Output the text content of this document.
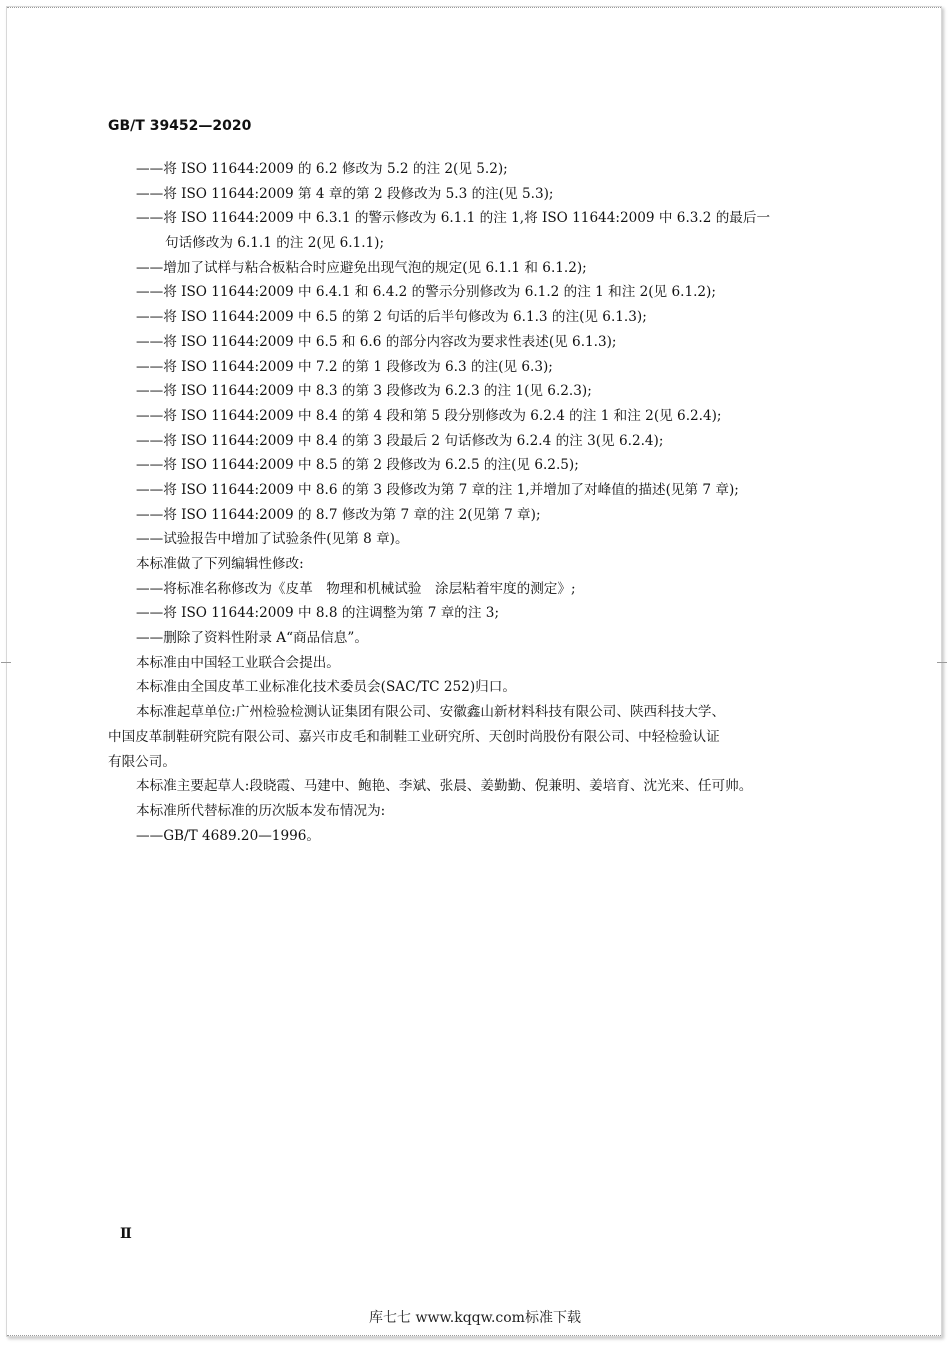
GB/T 39452—2020
——将 ISO 11644:2009 的 6.2 修改为 5.2 的注 2(见 5.2);
——将 ISO 11644:2009 第 4 章的第 2 段修改为 5.3 的注(见 5.3);
——将 ISO 11644:2009 中 6.3.1 的警示修改为 6.1.1 的注 1,将 ISO 11644:2009 中 6.3.2 的最后一
句话修改为 6.1.1 的注 2(见 6.1.1);
——增加了试样与粘合板粘合时应避免出现气泡的规定(见 6.1.1 和 6.1.2);
——将 ISO 11644:2009 中 6.4.1 和 6.4.2 的警示分别修改为 6.1.2 的注 1 和注 2(见 6.1.2);
——将 ISO 11644:2009 中 6.5 的第 2 句话的后半句修改为 6.1.3 的注(见 6.1.3);
——将 ISO 11644:2009 中 6.5 和 6.6 的部分内容改为要求性表述(见 6.1.3);
——将 ISO 11644:2009 中 7.2 的第 1 段修改为 6.3 的注(见 6.3);
——将 ISO 11644:2009 中 8.3 的第 3 段修改为 6.2.3 的注 1(见 6.2.3);
——将 ISO 11644:2009 中 8.4 的第 4 段和第 5 段分别修改为 6.2.4 的注 1 和注 2(见 6.2.4);
——将 ISO 11644:2009 中 8.4 的第 3 段最后 2 句话修改为 6.2.4 的注 3(见 6.2.4);
——将 ISO 11644:2009 中 8.5 的第 2 段修改为 6.2.5 的注(见 6.2.5);
——将 ISO 11644:2009 中 8.6 的第 3 段修改为第 7 章的注 1,并增加了对峰值的描述(见第 7 章);
——将 ISO 11644:2009 的 8.7 修改为第 7 章的注 2(见第 7 章);
——试验报告中增加了试验条件(见第 8 章)。
本标准做了下列编辑性修改:
——将标准名称修改为《皮革　物理和机械试验　涂层粘着牢度的测定》;
——将 ISO 11644:2009 中 8.8 的注调整为第 7 章的注 3;
——删除了资料性附录 A“商品信息”。
本标准由中国轻工业联合会提出。
本标准由全国皮革工业标准化技术委员会(SAC/TC 252)归口。
本标准起草单位:广州检验检测认证集团有限公司、安徽鑫山新材料科技有限公司、陕西科技大学、
中国皮革制鞋研究院有限公司、嘉兴市皮毛和制鞋工业研究所、天创时尚股份有限公司、中轻检验认证
有限公司。
本标准主要起草人:段晓霞、马建中、鲍艳、李斌、张晨、姜勤勤、倪兼明、姜培育、沈光来、任可帅。
本标准所代替标准的历次版本发布情况为:
——GB/T 4689.20—1996。
Ⅱ
库七七 www.kqqw.com标准下载
